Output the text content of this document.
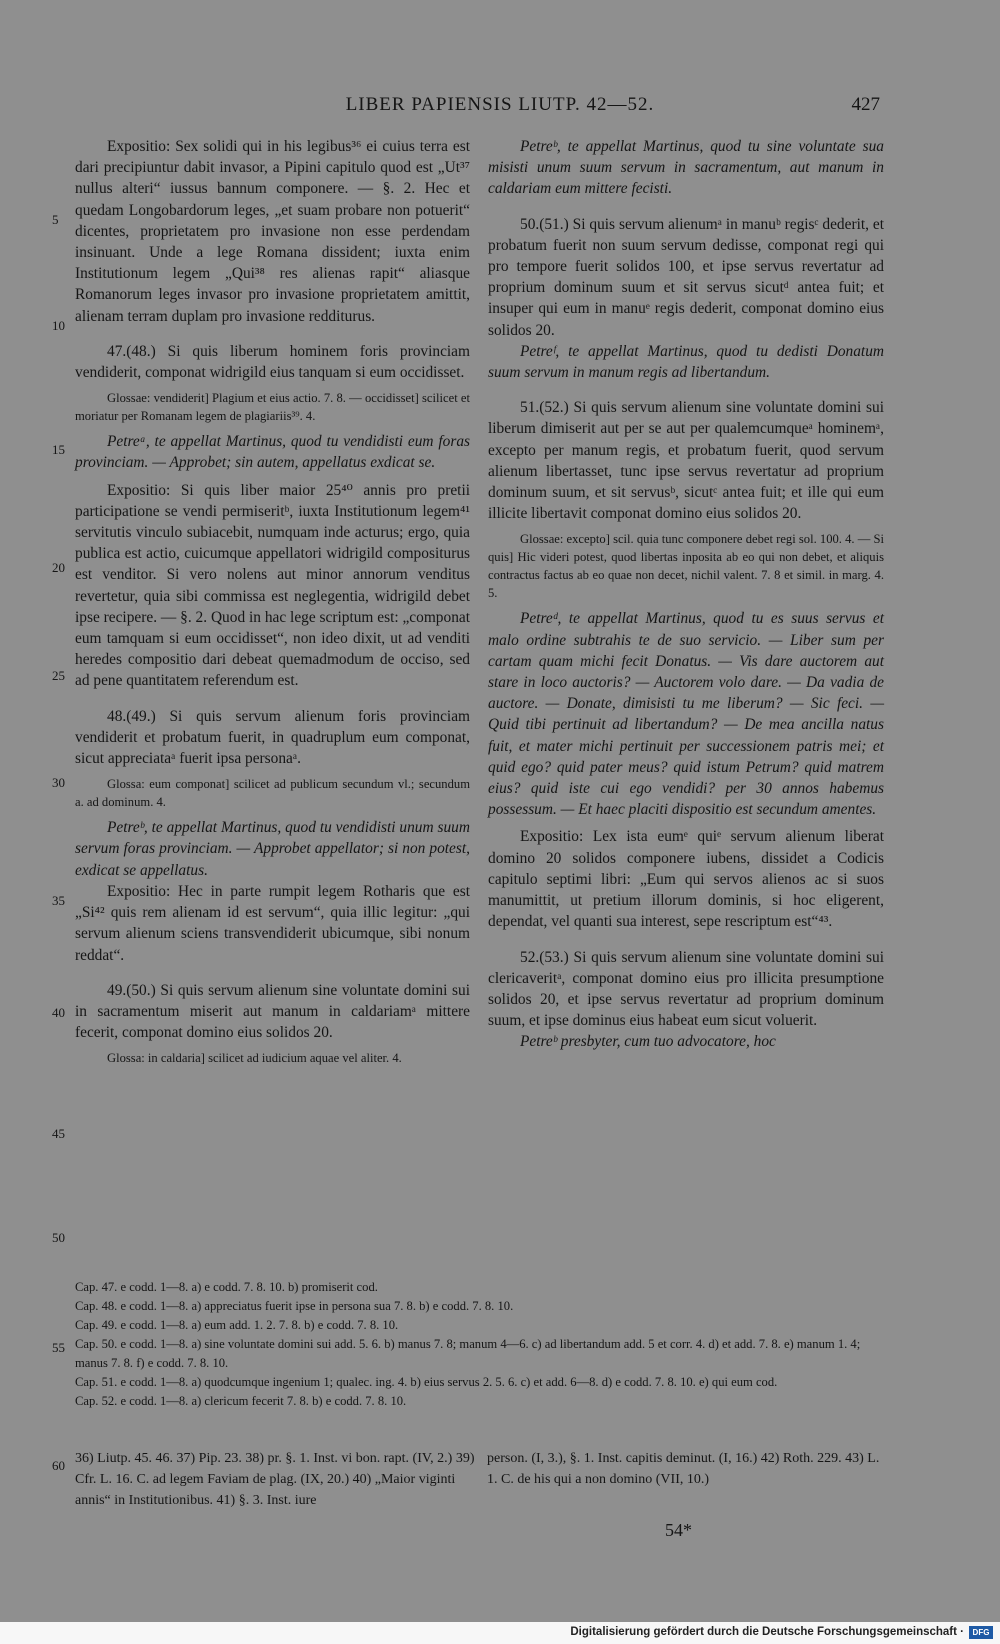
LIBER PAPIENSIS LIUTP. 42—52.	427
5
10
15
20
25
30
35
40
45
50
55
60

Expositio: Sex solidi qui in his legibus³⁶ ei cuius terra est dari precipiuntur dabit invasor, a Pipini capitulo quod est „Ut³⁷ nullus alteri“ iussus bannum componere. — §. 2. Hec et quedam Longobardorum leges, „et suam probare non potuerit“ dicentes, proprietatem pro invasione non esse perdendam insinuant. Unde a lege Romana dissident; iuxta enim Institutionum legem „Qui³⁸ res alienas rapit“ aliasque Romanorum leges invasor pro invasione proprietatem amittit, alienam terram duplam pro invasione redditurus.

47.(48.) Si quis liberum hominem foris provinciam vendiderit, componat widrigild eius tanquam si eum occidisset.

Glossae: vendiderit] Plagium et eius actio. 7. 8. — occidisset] scilicet et moriatur per Romanam legem de plagiariis³⁹. 4.

Petreᵃ, te appellat Martinus, quod tu vendidisti eum foras provinciam. — Approbet; sin autem, appellatus exdicat se.

Expositio: Si quis liber maior 25⁴⁰ annis pro pretii participatione se vendi permiseritᵇ, iuxta Institutionum legem⁴¹ servitutis vinculo subiacebit, numquam inde acturus; ergo, quia publica est actio, cuicumque appellatori widrigild compositurus est venditor. Si vero nolens aut minor annorum venditus revertetur, quia sibi commissa est neglegentia, widrigild debet ipse recipere. — §. 2. Quod in hac lege scriptum est: „componat eum tamquam si eum occidisset“, non ideo dixit, ut ad venditi heredes compositio dari debeat quemadmodum de occiso, sed ad pene quantitatem referendum est.

48.(49.) Si quis servum alienum foris provinciam vendiderit et probatum fuerit, in quadruplum eum componat, sicut appreciataᵃ fuerit ipsa personaᵃ.

Glossa: eum componat] scilicet ad publicum secundum vl.; secundum a. ad dominum. 4.

Petreᵇ, te appellat Martinus, quod tu vendidisti unum suum servum foras provinciam. — Approbet appellator; si non potest, exdicat se appellatus.

Expositio: Hec in parte rumpit legem Rotharis que est „Si⁴² quis rem alienam id est servum“, quia illic legitur: „qui servum alienum sciens transvendiderit ubicumque, sibi nonum reddat“.

49.(50.) Si quis servum alienum sine voluntate domini sui in sacramentum miserit aut manum in caldariamᵃ mittere fecerit, componat domino eius solidos 20.

Glossa: in caldaria] scilicet ad iudicium aquae vel aliter. 4.

Petreᵇ, te appellat Martinus, quod tu sine voluntate sua misisti unum suum servum in sacramentum, aut manum in caldariam eum mittere fecisti.

50.(51.) Si quis servum alienumᵃ in manuᵇ regisᶜ dederit, et probatum fuerit non suum servum dedisse, componat regi qui pro tempore fuerit solidos 100, et ipse servus revertatur ad proprium dominum suum et sit servus sicutᵈ antea fuit; et insuper qui eum in manuᵉ regis dederit, componat domino eius solidos 20.

Petreᶠ, te appellat Martinus, quod tu dedisti Donatum suum servum in manum regis ad libertandum.

51.(52.) Si quis servum alienum sine voluntate domini sui liberum dimiserit aut per se aut per qualemcumqueᵃ hominemᵃ, excepto per manum regis, et probatum fuerit, quod servum alienum libertasset, tunc ipse servus revertatur ad proprium dominum suum, et sit servusᵇ, sicutᶜ antea fuit; et ille qui eum illicite libertavit componat domino eius solidos 20.

Glossae: excepto] scil. quia tunc componere debet regi sol. 100. 4. — Si quis] Hic videri potest, quod libertas inposita ab eo qui non debet, et aliquis contractus factus ab eo quae non decet, nichil valent. 7. 8 et simil. in marg. 4. 5.

Petreᵈ, te appellat Martinus, quod tu es suus servus et malo ordine subtrahis te de suo servicio. — Liber sum per cartam quam michi fecit Donatus. — Vis dare auctorem aut stare in loco auctoris? — Auctorem volo dare. — Da vadia de auctore. — Donate, dimisisti tu me liberum? — Sic feci. — Quid tibi pertinuit ad libertandum? — De mea ancilla natus fuit, et mater michi pertinuit per successionem patris mei; et quid ego? quid pater meus? quid istum Petrum? quid matrem eius? quid iste cui ego vendidi? per 30 annos habemus possessum. — Et haec placiti dispositio est secundum amentes.

Expositio: Lex ista eumᵉ quiᵉ servum alienum liberat domino 20 solidos componere iubens, dissidet a Codicis capitulo septimi libri: „Eum qui servos alienos ac si suos manumittit, ut pretium illorum dominis, si hoc eligerent, dependat, vel quanti sua interest, sepe rescriptum est“⁴³.

52.(53.) Si quis servum alienum sine voluntate domini sui clericaveritᵃ, componat domino eius pro illicita presumptione solidos 20, et ipse servus revertatur ad proprium dominum suum, et ipse dominus eius habeat eum sicut voluerit.

Petreᵇ presbyter, cum tuo advocatore, hoc

Cap. 47. e codd. 1—8. a) e codd. 7. 8. 10. b) promiserit cod.

Cap. 48. e codd. 1—8. a) appreciatus fuerit ipse in persona sua 7. 8. b) e codd. 7. 8. 10.

Cap. 49. e codd. 1—8. a) eum add. 1. 2. 7. 8. b) e codd. 7. 8. 10.

Cap. 50. e codd. 1—8. a) sine voluntate domini sui add. 5. 6. b) manus 7. 8; manum 4—6. c) ad libertandum add. 5 et corr. 4. d) et add. 7. 8. e) manum 1. 4; manus 7. 8. f) e codd. 7. 8. 10.

Cap. 51. e codd. 1—8. a) quodcumque ingenium 1; qualec. ing. 4. b) eius servus 2. 5. 6. c) et add. 6—8. d) e codd. 7. 8. 10. e) qui eum cod.

Cap. 52. e codd. 1—8. a) clericum fecerit 7. 8. b) e codd. 7. 8. 10.

36) Liutp. 45. 46. 37) Pip. 23. 38) pr. §. 1. Inst. vi bon. rapt. (IV, 2.) 39) Cfr. L. 16. C. ad legem Faviam de plag. (IX, 20.) 40) „Maior viginti annis“ in Institutionibus. 41) §. 3. Inst. iure

person. (I, 3.), §. 1. Inst. capitis deminut. (I, 16.) 42) Roth. 229. 43) L. 1. C. de his qui a non domino (VII, 10.)

54*
Digitalisierung gefördert durch die Deutsche Forschungsgemeinschaft ·	DFG
